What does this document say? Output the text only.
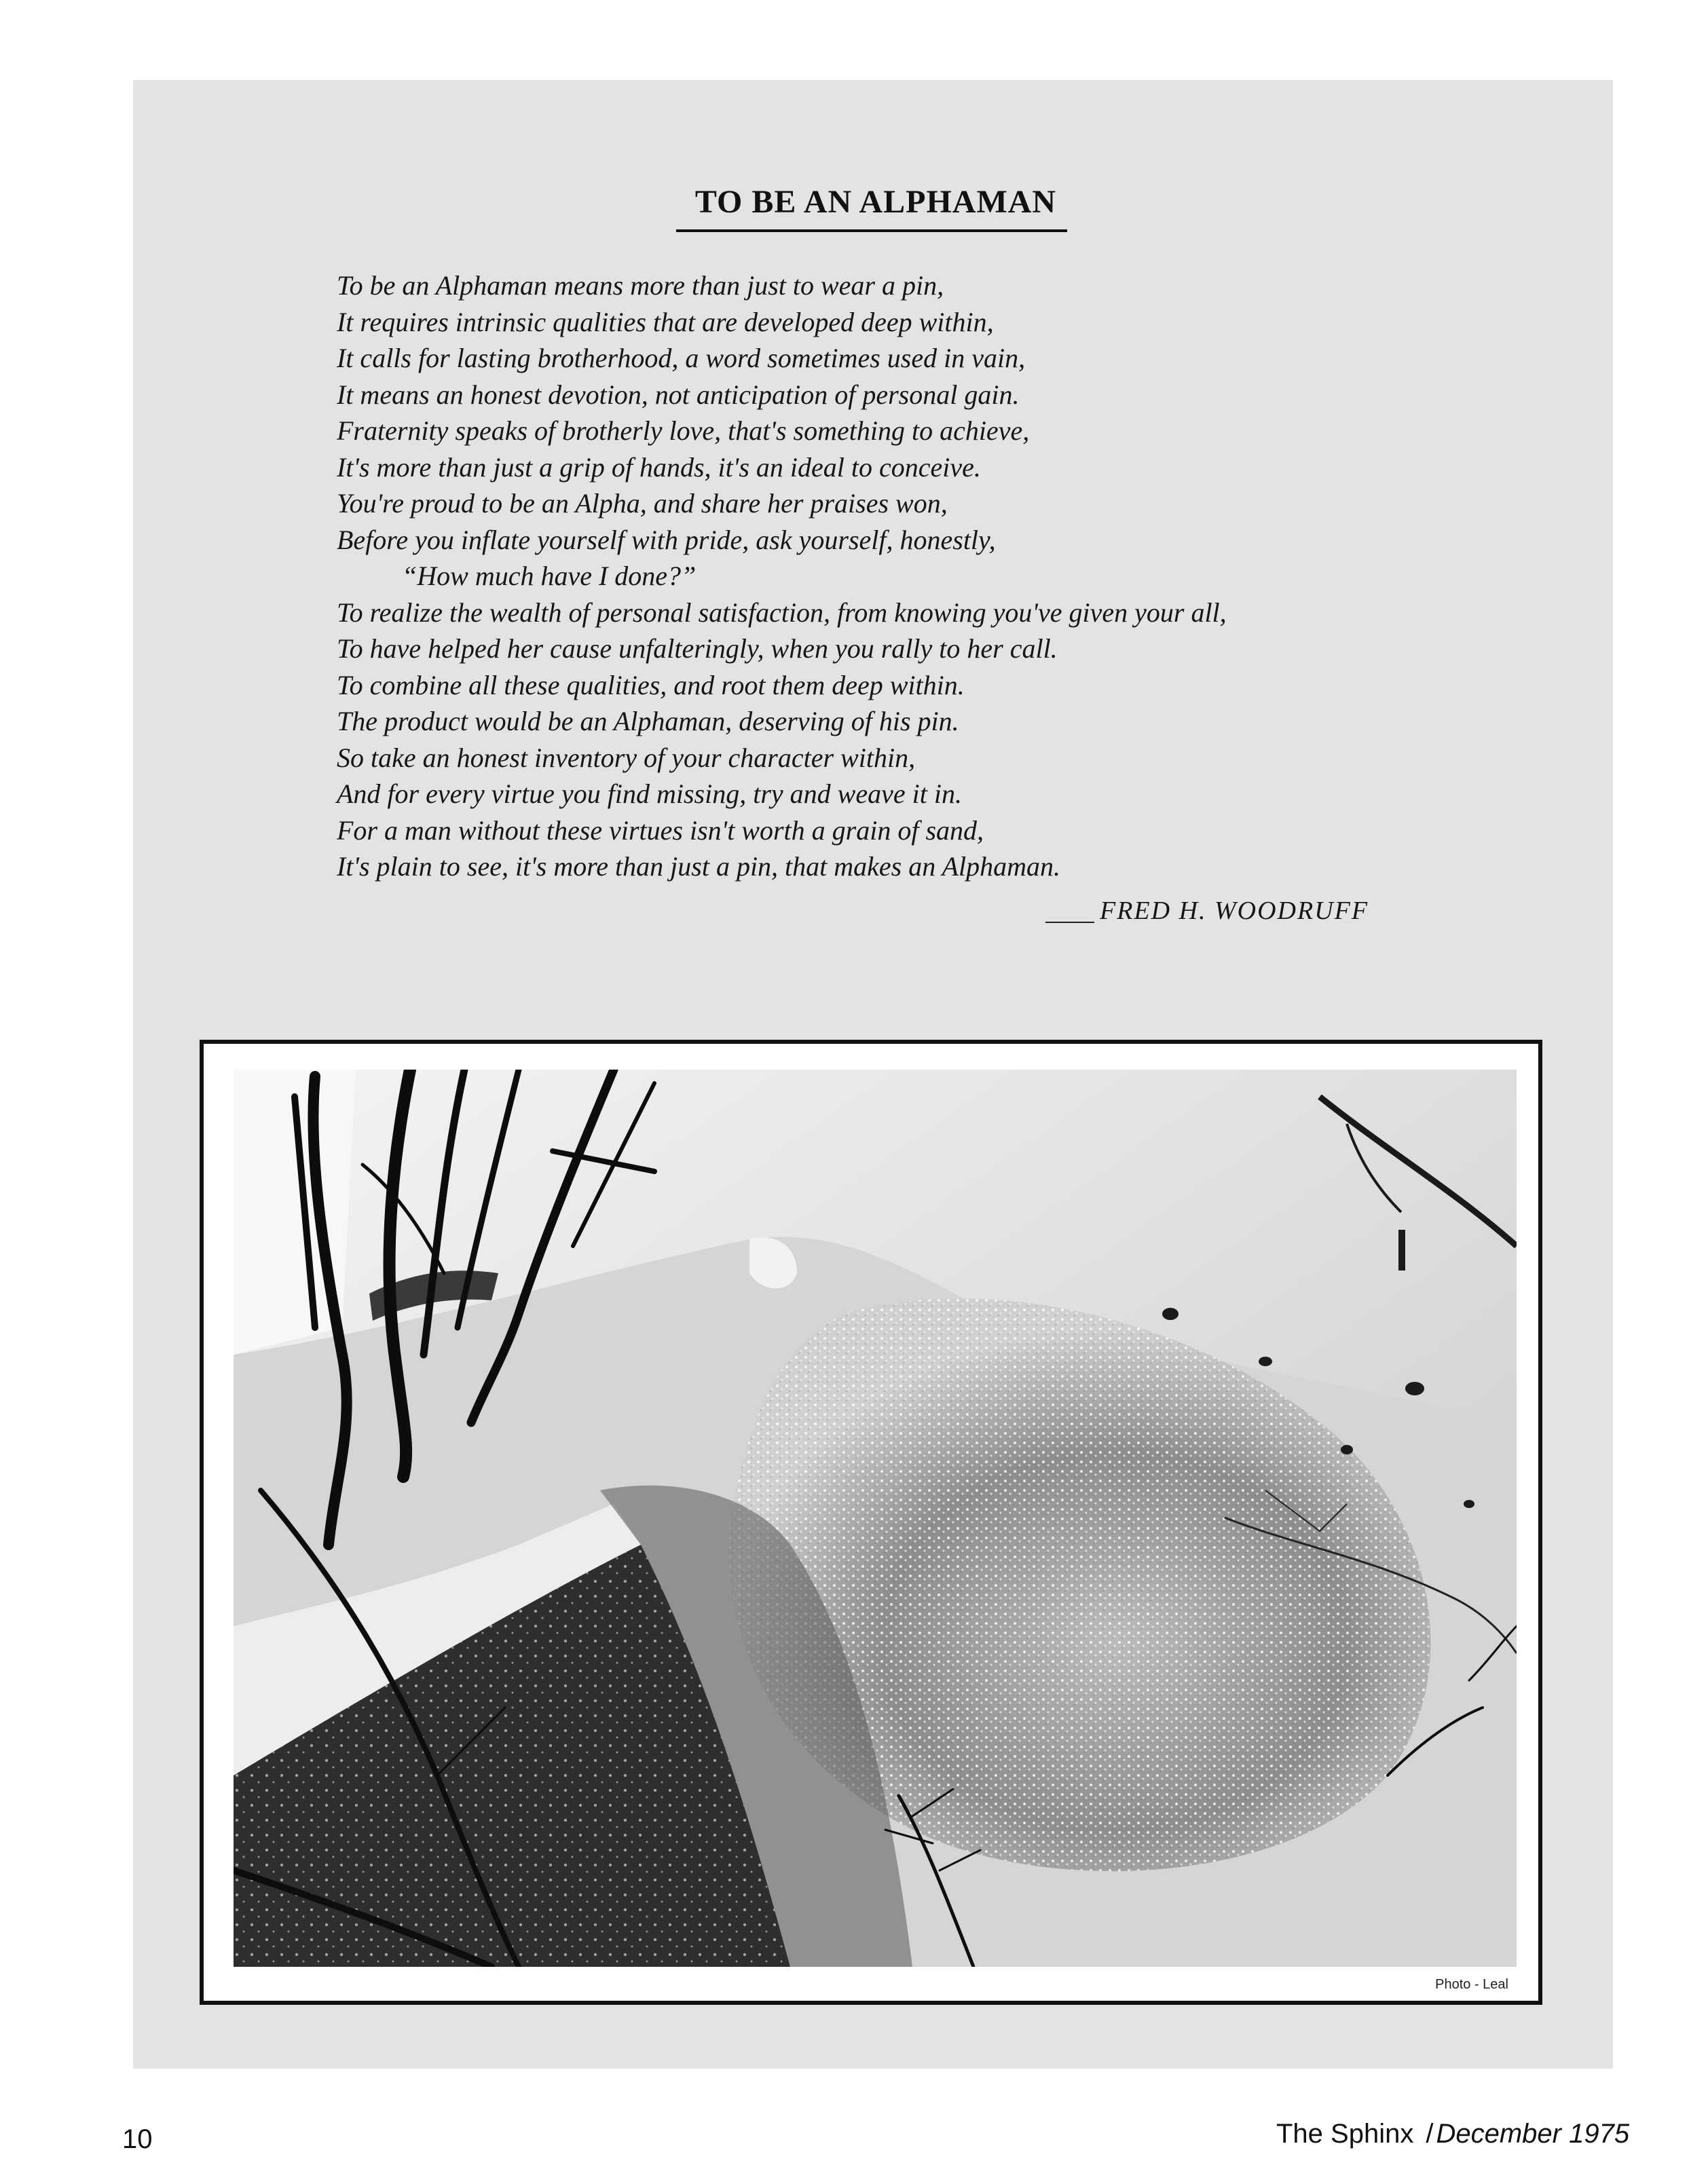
TO BE AN ALPHAMAN
To be an Alphaman means more than just to wear a pin,
It requires intrinsic qualities that are developed deep within,
It calls for lasting brotherhood, a word sometimes used in vain,
It means an honest devotion, not anticipation of personal gain.
Fraternity speaks of brotherly love, that's something to achieve,
It's more than just a grip of hands, it's an ideal to conceive.
You're proud to be an Alpha, and share her praises won,
Before you inflate yourself with pride, ask yourself, honestly,
“How much have I done?”
To realize the wealth of personal satisfaction, from knowing you've given your all,
To have helped her cause unfalteringly, when you rally to her call.
To combine all these qualities, and root them deep within.
The product would be an Alphaman, deserving of his pin.
So take an honest inventory of your character within,
And for every virtue you find missing, try and weave it in.
For a man without these virtues isn't worth a grain of sand,
It's plain to see, it's more than just a pin, that makes an Alphaman.

FRED H. WOODRUFF

Photo - Leal

10	The Sphinx / December 1975
